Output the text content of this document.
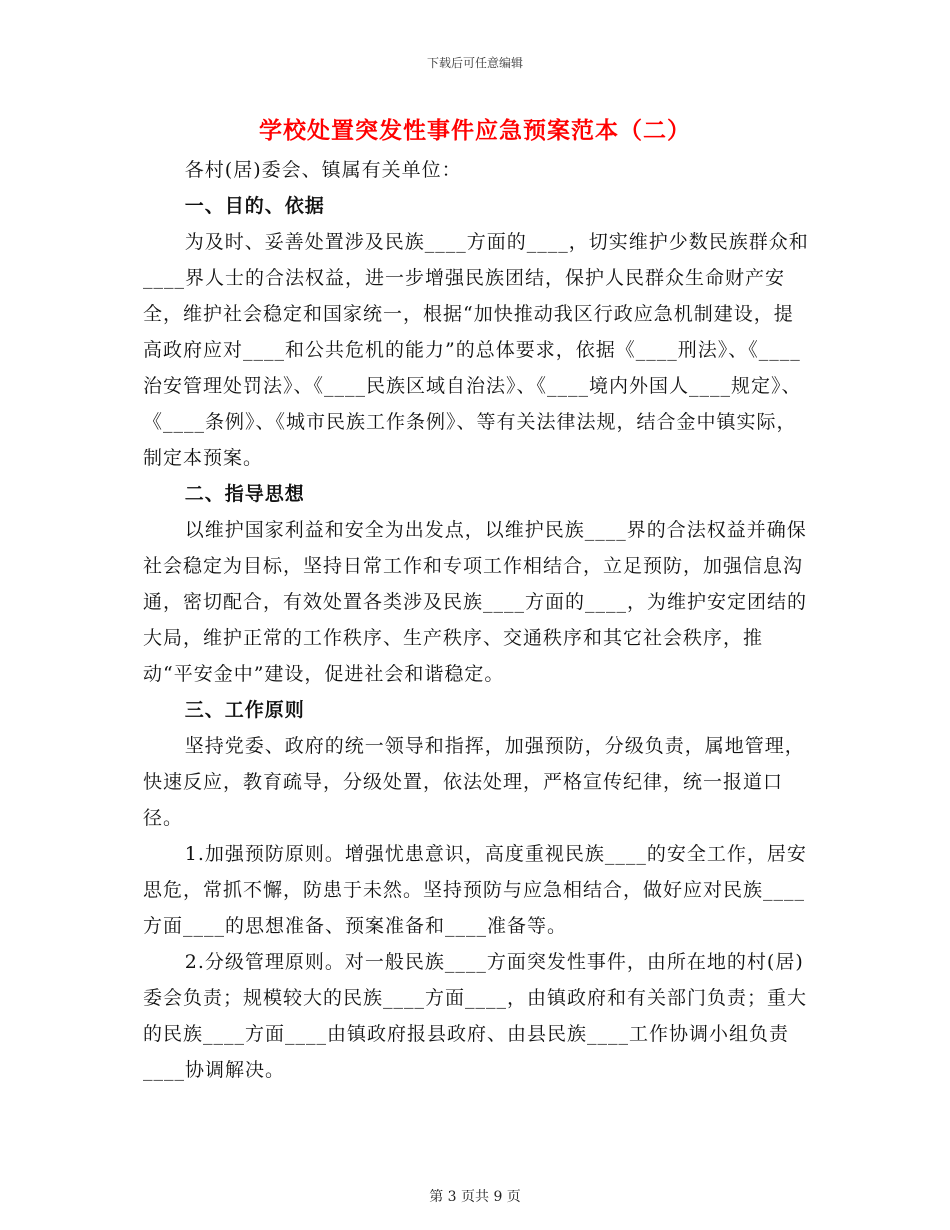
下载后可任意编辑
学校处置突发性事件应急预案范本（二）

各村(居)委会、镇属有关单位：

一、目的、依据

为及时、妥善处置涉及民族____方面的____，切实维护少数民族群众和____界人士的合法权益，进一步增强民族团结，保护人民群众生命财产安全，维护社会稳定和国家统一，根据“加快推动我区行政应急机制建设，提高政府应对____和公共危机的能力”的总体要求，依据《____刑法》、《____治安管理处罚法》、《____民族区域自治法》、《____境内外国人____规定》、《____条例》、《城市民族工作条例》、等有关法律法规，结合金中镇实际，制定本预案。

二、指导思想

以维护国家利益和安全为出发点，以维护民族____界的合法权益并确保社会稳定为目标，坚持日常工作和专项工作相结合，立足预防，加强信息沟通，密切配合，有效处置各类涉及民族____方面的____，为维护安定团结的大局，维护正常的工作秩序、生产秩序、交通秩序和其它社会秩序，推动“平安金中”建设，促进社会和谐稳定。

三、工作原则

坚持党委、政府的统一领导和指挥，加强预防，分级负责，属地管理，快速反应，教育疏导，分级处置，依法处理，严格宣传纪律，统一报道口径。

1.加强预防原则。增强忧患意识，高度重视民族____的安全工作，居安思危，常抓不懈，防患于未然。坚持预防与应急相结合，做好应对民族____方面____的思想准备、预案准备和____准备等。

2.分级管理原则。对一般民族____方面突发性事件，由所在地的村(居)委会负责；规模较大的民族____方面____，由镇政府和有关部门负责；重大的民族____方面____由镇政府报县政府、由县民族____工作协调小组负责____协调解决。

第 3 页共 9 页
